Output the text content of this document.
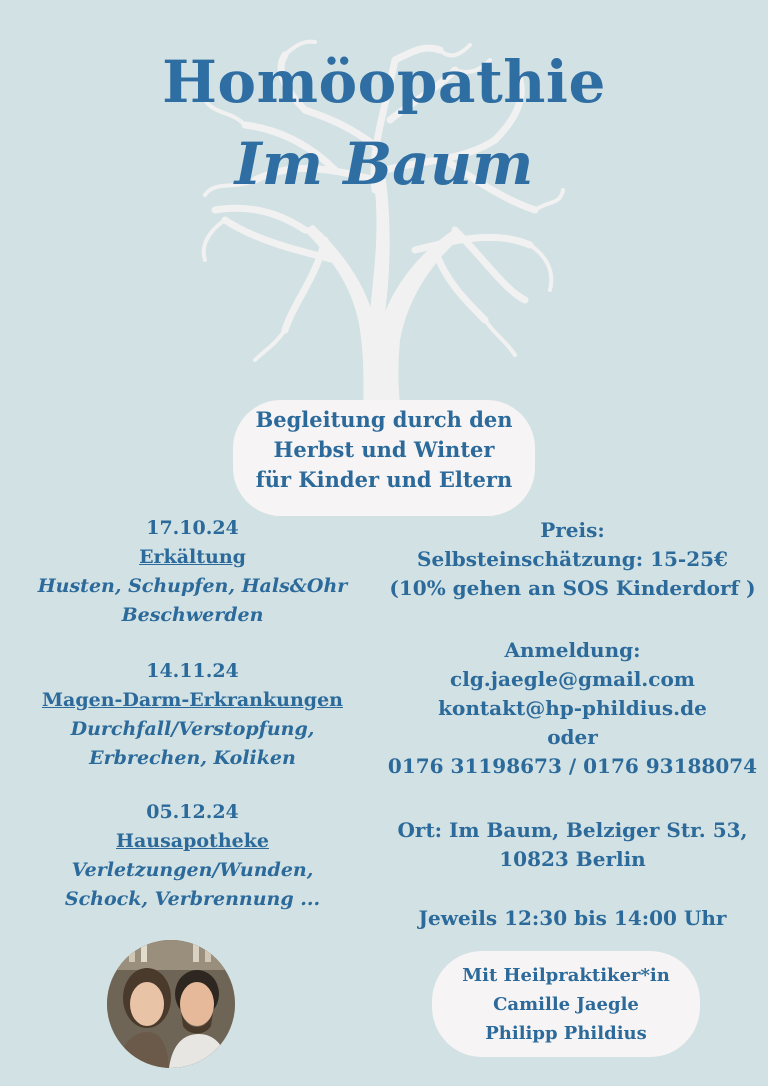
Homöopathie
Im Baum
Begleitung durch den
Herbst und Winter
für Kinder und Eltern
17.10.24
Erkältung
Husten, Schupfen, Hals&Ohr
Beschwerden
14.11.24
Magen-Darm-Erkrankungen
Durchfall/Verstopfung,
Erbrechen, Koliken
05.12.24
Hausapotheke
Verletzungen/Wunden,
Schock, Verbrennung ...
Preis:
Selbsteinschätzung: 15-25€
(10% gehen an SOS Kinderdorf )
Anmeldung:
clg.jaegle@gmail.com
kontakt@hp-phildius.de
oder
0176 31198673 / 0176 93188074
Ort: Im Baum, Belziger Str. 53,
10823 Berlin
Jeweils 12:30 bis 14:00 Uhr
Mit Heilpraktiker*in
Camille Jaegle
Philipp Phildius
